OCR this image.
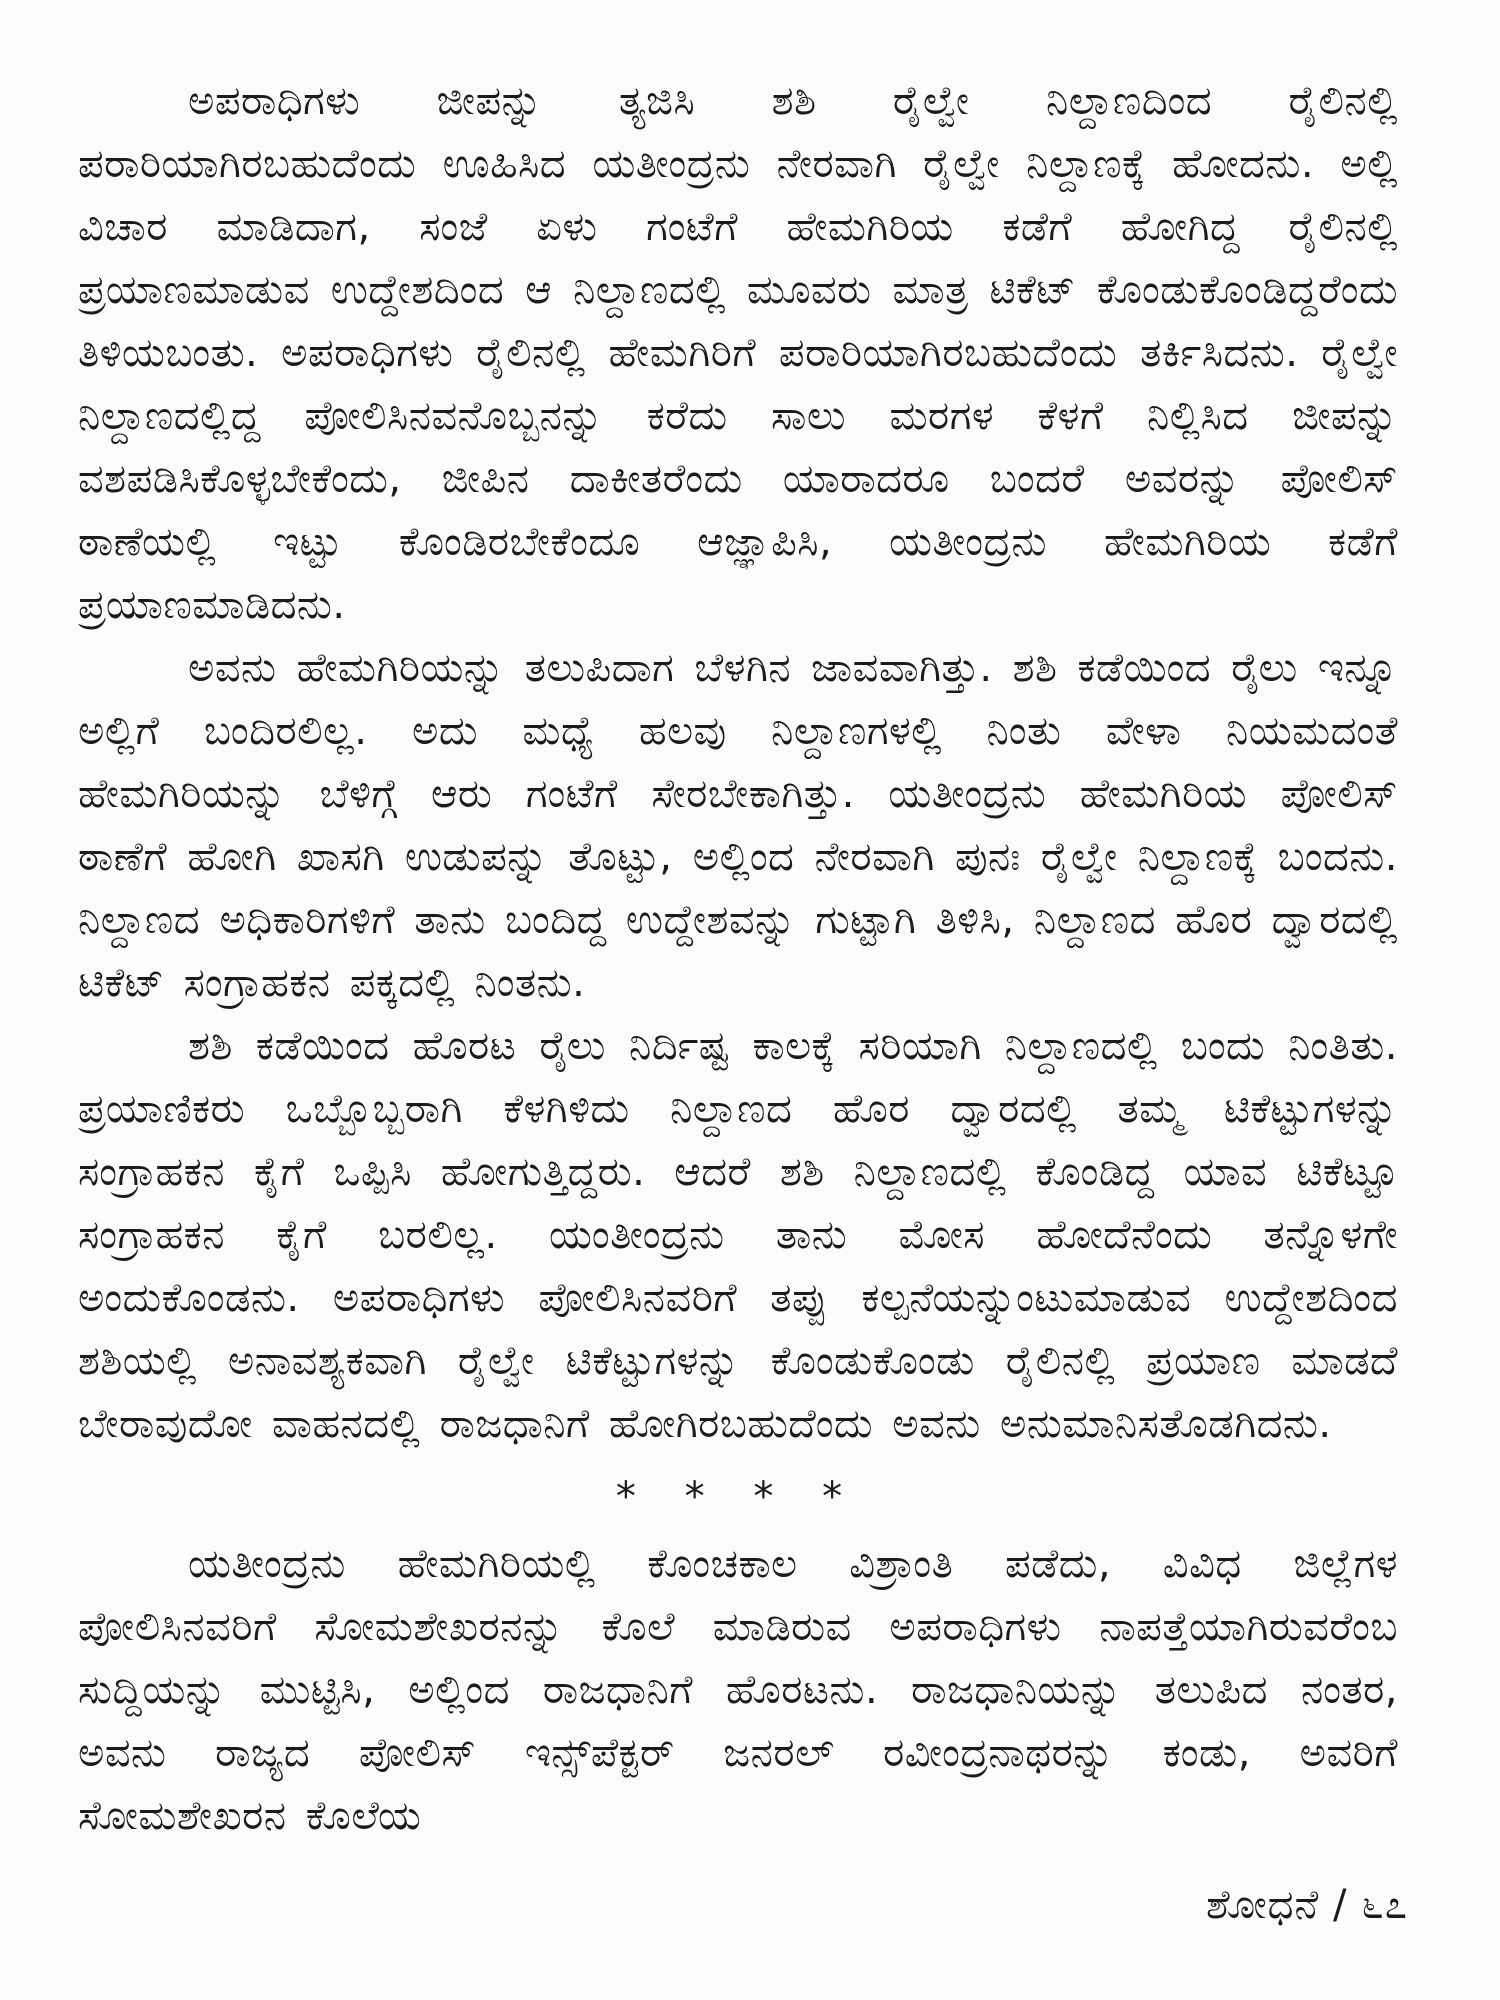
ಅಪರಾಧಿಗಳು ಜೀಪನ್ನು ತ್ಯಜಿಸಿ ಶಶಿ ರೈಲ್ವೇ ನಿಲ್ದಾಣದಿಂದ ರೈಲಿನಲ್ಲಿ ಪರಾರಿಯಾಗಿರಬಹುದೆಂದು ಊಹಿಸಿದ ಯತೀಂದ್ರನು ನೇರವಾಗಿ ರೈಲ್ವೇ ನಿಲ್ದಾಣಕ್ಕೆ ಹೋದನು. ಅಲ್ಲಿ ವಿಚಾರ ಮಾಡಿದಾಗ, ಸಂಜೆ ಏಳು ಗಂಟೆಗೆ ಹೇಮಗಿರಿಯ ಕಡೆಗೆ ಹೋಗಿದ್ದ ರೈಲಿನಲ್ಲಿ ಪ್ರಯಾಣಮಾಡುವ ಉದ್ದೇಶದಿಂದ ಆ ನಿಲ್ದಾಣದಲ್ಲಿ ಮೂವರು ಮಾತ್ರ ಟಿಕೆಟ್ ಕೊಂಡುಕೊಂಡಿದ್ದರೆಂದು ತಿಳಿಯಬಂತು. ಅಪರಾಧಿಗಳು ರೈಲಿನಲ್ಲಿ ಹೇಮಗಿರಿಗೆ ಪರಾರಿಯಾಗಿರಬಹುದೆಂದು ತರ್ಕಿಸಿದನು. ರೈಲ್ವೇ ನಿಲ್ದಾಣದಲ್ಲಿದ್ದ ಪೋಲಿಸಿನವನೊಬ್ಬನನ್ನು ಕರೆದು ಸಾಲು ಮರಗಳ ಕೆಳಗೆ ನಿಲ್ಲಿಸಿದ ಜೀಪನ್ನು ವಶಪಡಿಸಿಕೊಳ್ಳಬೇಕೆಂದು, ಜೀಪಿನ ದಾಕೀತರೆಂದು ಯಾರಾದರೂ ಬಂದರೆ ಅವರನ್ನು ಪೋಲಿಸ್ ಠಾಣೆಯಲ್ಲಿ ಇಟ್ಟು ಕೊಂಡಿರಬೇಕೆಂದೂ ಆಜ್ಞಾಪಿಸಿ, ಯತೀಂದ್ರನು ಹೇಮಗಿರಿಯ ಕಡೆಗೆ ಪ್ರಯಾಣಮಾಡಿದನು.

ಅವನು ಹೇಮಗಿರಿಯನ್ನು ತಲುಪಿದಾಗ ಬೆಳಗಿನ ಜಾವವಾಗಿತ್ತು. ಶಶಿ ಕಡೆಯಿಂದ ರೈಲು ಇನ್ನೂ ಅಲ್ಲಿಗೆ ಬಂದಿರಲಿಲ್ಲ. ಅದು ಮಧ್ಯೆ ಹಲವು ನಿಲ್ದಾಣಗಳಲ್ಲಿ ನಿಂತು ವೇಳಾ ನಿಯಮದಂತೆ ಹೇಮಗಿರಿಯನ್ನು ಬೆಳಿಗ್ಗೆ ಆರು ಗಂಟೆಗೆ ಸೇರಬೇಕಾಗಿತ್ತು. ಯತೀಂದ್ರನು ಹೇಮಗಿರಿಯ ಪೋಲಿಸ್ ಠಾಣೆಗೆ ಹೋಗಿ ಖಾಸಗಿ ಉಡುಪನ್ನು ತೊಟ್ಟು, ಅಲ್ಲಿಂದ ನೇರವಾಗಿ ಪುನಃ ರೈಲ್ವೇ ನಿಲ್ದಾಣಕ್ಕೆ ಬಂದನು. ನಿಲ್ದಾಣದ ಅಧಿಕಾರಿಗಳಿಗೆ ತಾನು ಬಂದಿದ್ದ ಉದ್ದೇಶವನ್ನು ಗುಟ್ಟಾಗಿ ತಿಳಿಸಿ, ನಿಲ್ದಾಣದ ಹೊರ ದ್ವಾರದಲ್ಲಿ ಟಿಕೆಟ್ ಸಂಗ್ರಾಹಕನ ಪಕ್ಕದಲ್ಲಿ ನಿಂತನು.

ಶಶಿ ಕಡೆಯಿಂದ ಹೊರಟ ರೈಲು ನಿರ್ದಿಷ್ಟ ಕಾಲಕ್ಕೆ ಸರಿಯಾಗಿ ನಿಲ್ದಾಣದಲ್ಲಿ ಬಂದು ನಿಂತಿತು. ಪ್ರಯಾಣಿಕರು ಒಬ್ಬೊಬ್ಬರಾಗಿ ಕೆಳಗಿಳಿದು ನಿಲ್ದಾಣದ ಹೊರ ದ್ವಾರದಲ್ಲಿ ತಮ್ಮ ಟಿಕೆಟ್ಟುಗಳನ್ನು ಸಂಗ್ರಾಹಕನ ಕೈಗೆ ಒಪ್ಪಿಸಿ ಹೋಗುತ್ತಿದ್ದರು. ಆದರೆ ಶಶಿ ನಿಲ್ದಾಣದಲ್ಲಿ ಕೊಂಡಿದ್ದ ಯಾವ ಟಿಕೆಟ್ಟೂ ಸಂಗ್ರಾಹಕನ ಕೈಗೆ ಬರಲಿಲ್ಲ. ಯಂತೀಂದ್ರನು ತಾನು ಮೋಸ ಹೋದೆನೆಂದು ತನ್ನೊಳಗೇ ಅಂದುಕೊಂಡನು. ಅಪರಾಧಿಗಳು ಪೋಲಿಸಿನವರಿಗೆ ತಪ್ಪು ಕಲ್ಪನೆಯನ್ನುಂಟುಮಾಡುವ ಉದ್ದೇಶದಿಂದ ಶಶಿಯಲ್ಲಿ ಅನಾವಶ್ಯಕವಾಗಿ ರೈಲ್ವೇ ಟಿಕೆಟ್ಟುಗಳನ್ನು ಕೊಂಡುಕೊಂಡು ರೈಲಿನಲ್ಲಿ ಪ್ರಯಾಣ ಮಾಡದೆ ಬೇರಾವುದೋ ವಾಹನದಲ್ಲಿ ರಾಜಧಾನಿಗೆ ಹೋಗಿರಬಹುದೆಂದು ಅವನು ಅನುಮಾನಿಸತೊಡಗಿದನು.

* * * *

ಯತೀಂದ್ರನು ಹೇಮಗಿರಿಯಲ್ಲಿ ಕೊಂಚಕಾಲ ವಿಶ್ರಾಂತಿ ಪಡೆದು, ವಿವಿಧ ಜಿಲ್ಲೆಗಳ ಪೋಲಿಸಿನವರಿಗೆ ಸೋಮಶೇಖರನನ್ನು ಕೊಲೆ ಮಾಡಿರುವ ಅಪರಾಧಿಗಳು ನಾಪತ್ತೆಯಾಗಿರುವರೆಂಬ ಸುದ್ದಿಯನ್ನು ಮುಟ್ಟಿಸಿ, ಅಲ್ಲಿಂದ ರಾಜಧಾನಿಗೆ ಹೊರಟನು. ರಾಜಧಾನಿಯನ್ನು ತಲುಪಿದ ನಂತರ, ಅವನು ರಾಜ್ಯದ ಪೋಲಿಸ್ ಇನ್ಸ್‌ಪೆಕ್ಟರ್ ಜನರಲ್ ರವೀಂದ್ರನಾಥರನ್ನು ಕಂಡು, ಅವರಿಗೆ ಸೋಮಶೇಖರನ ಕೊಲೆಯ

ಶೋಧನೆ / ೬೭
